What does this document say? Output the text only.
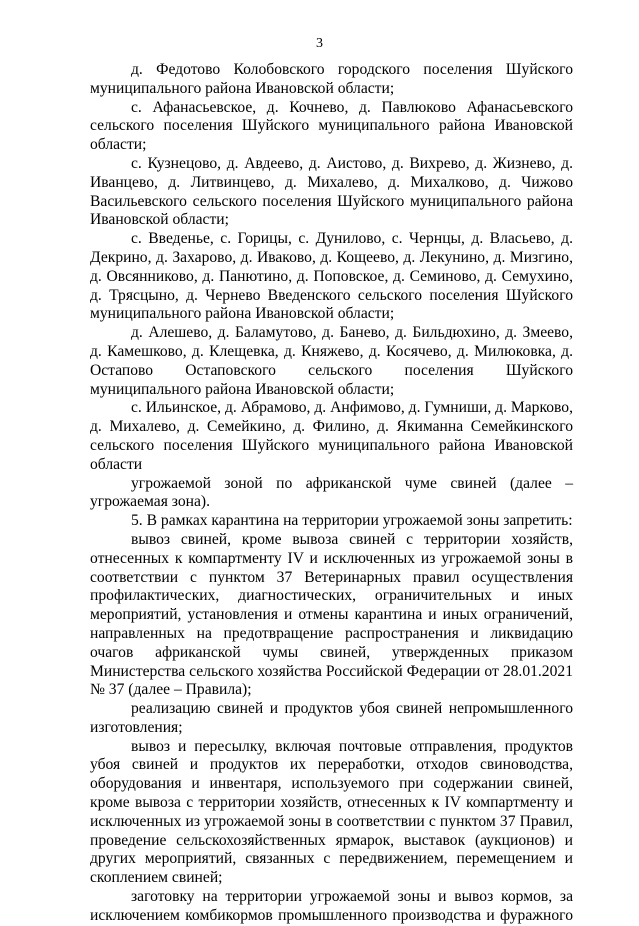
3

д. Федотово Колобовского городского поселения Шуйского муниципального района Ивановской области;

с. Афанасьевское, д. Кочнево, д. Павлюково Афанасьевского сельского поселения Шуйского муниципального района Ивановской области;

с. Кузнецово, д. Авдеево, д. Аистово, д. Вихрево, д. Жизнево, д. Иванцево, д. Литвинцево, д. Михалево, д. Михалково, д. Чижово Васильевского сельского поселения Шуйского муниципального района Ивановской области;

с. Введенье, с. Горицы, с. Дунилово, с. Чернцы, д. Власьево, д. Декрино, д. Захарово, д. Иваково, д. Кощеево, д. Лекунино, д. Мизгино, д. Овсянниково, д. Панютино, д. Поповское, д. Семиново, д. Семухино, д. Трясцыно, д. Чернево Введенского сельского поселения Шуйского муниципального района Ивановской области;

д. Алешево, д. Баламутово, д. Банево, д. Бильдюхино, д. Змеево, д. Камешково, д. Клещевка, д. Княжево, д. Косячево, д. Милюковка, д. Остапово Остаповского сельского поселения Шуйского муниципального района Ивановской области;

с. Ильинское, д. Абрамово, д. Анфимово, д. Гумниши, д. Марково, д. Михалево, д. Семейкино, д. Филино, д. Якиманна Семейкинского сельского поселения Шуйского муниципального района Ивановской области

угрожаемой зоной по африканской чуме свиней (далее – угрожаемая зона).

5. В рамках карантина на территории угрожаемой зоны запретить:

вывоз свиней, кроме вывоза свиней с территории хозяйств, отнесенных к компартменту IV и исключенных из угрожаемой зоны в соответствии с пунктом 37 Ветеринарных правил осуществления профилактических, диагностических, ограничительных и иных мероприятий, установления и отмены карантина и иных ограничений, направленных на предотвращение распространения и ликвидацию очагов африканской чумы свиней, утвержденных приказом Министерства сельского хозяйства Российской Федерации от 28.01.2021 № 37 (далее – Правила);

реализацию свиней и продуктов убоя свиней непромышленного изготовления;

вывоз и пересылку, включая почтовые отправления, продуктов убоя свиней и продуктов их переработки, отходов свиноводства, оборудования и инвентаря, используемого при содержании свиней, кроме вывоза с территории хозяйств, отнесенных к IV компартменту и исключенных из угрожаемой зоны в соответствии с пунктом 37 Правил, проведение сельскохозяйственных ярмарок, выставок (аукционов) и других мероприятий, связанных с передвижением, перемещением и скоплением свиней;

заготовку на территории угрожаемой зоны и вывоз кормов, за исключением комбикормов промышленного производства и фуражного
